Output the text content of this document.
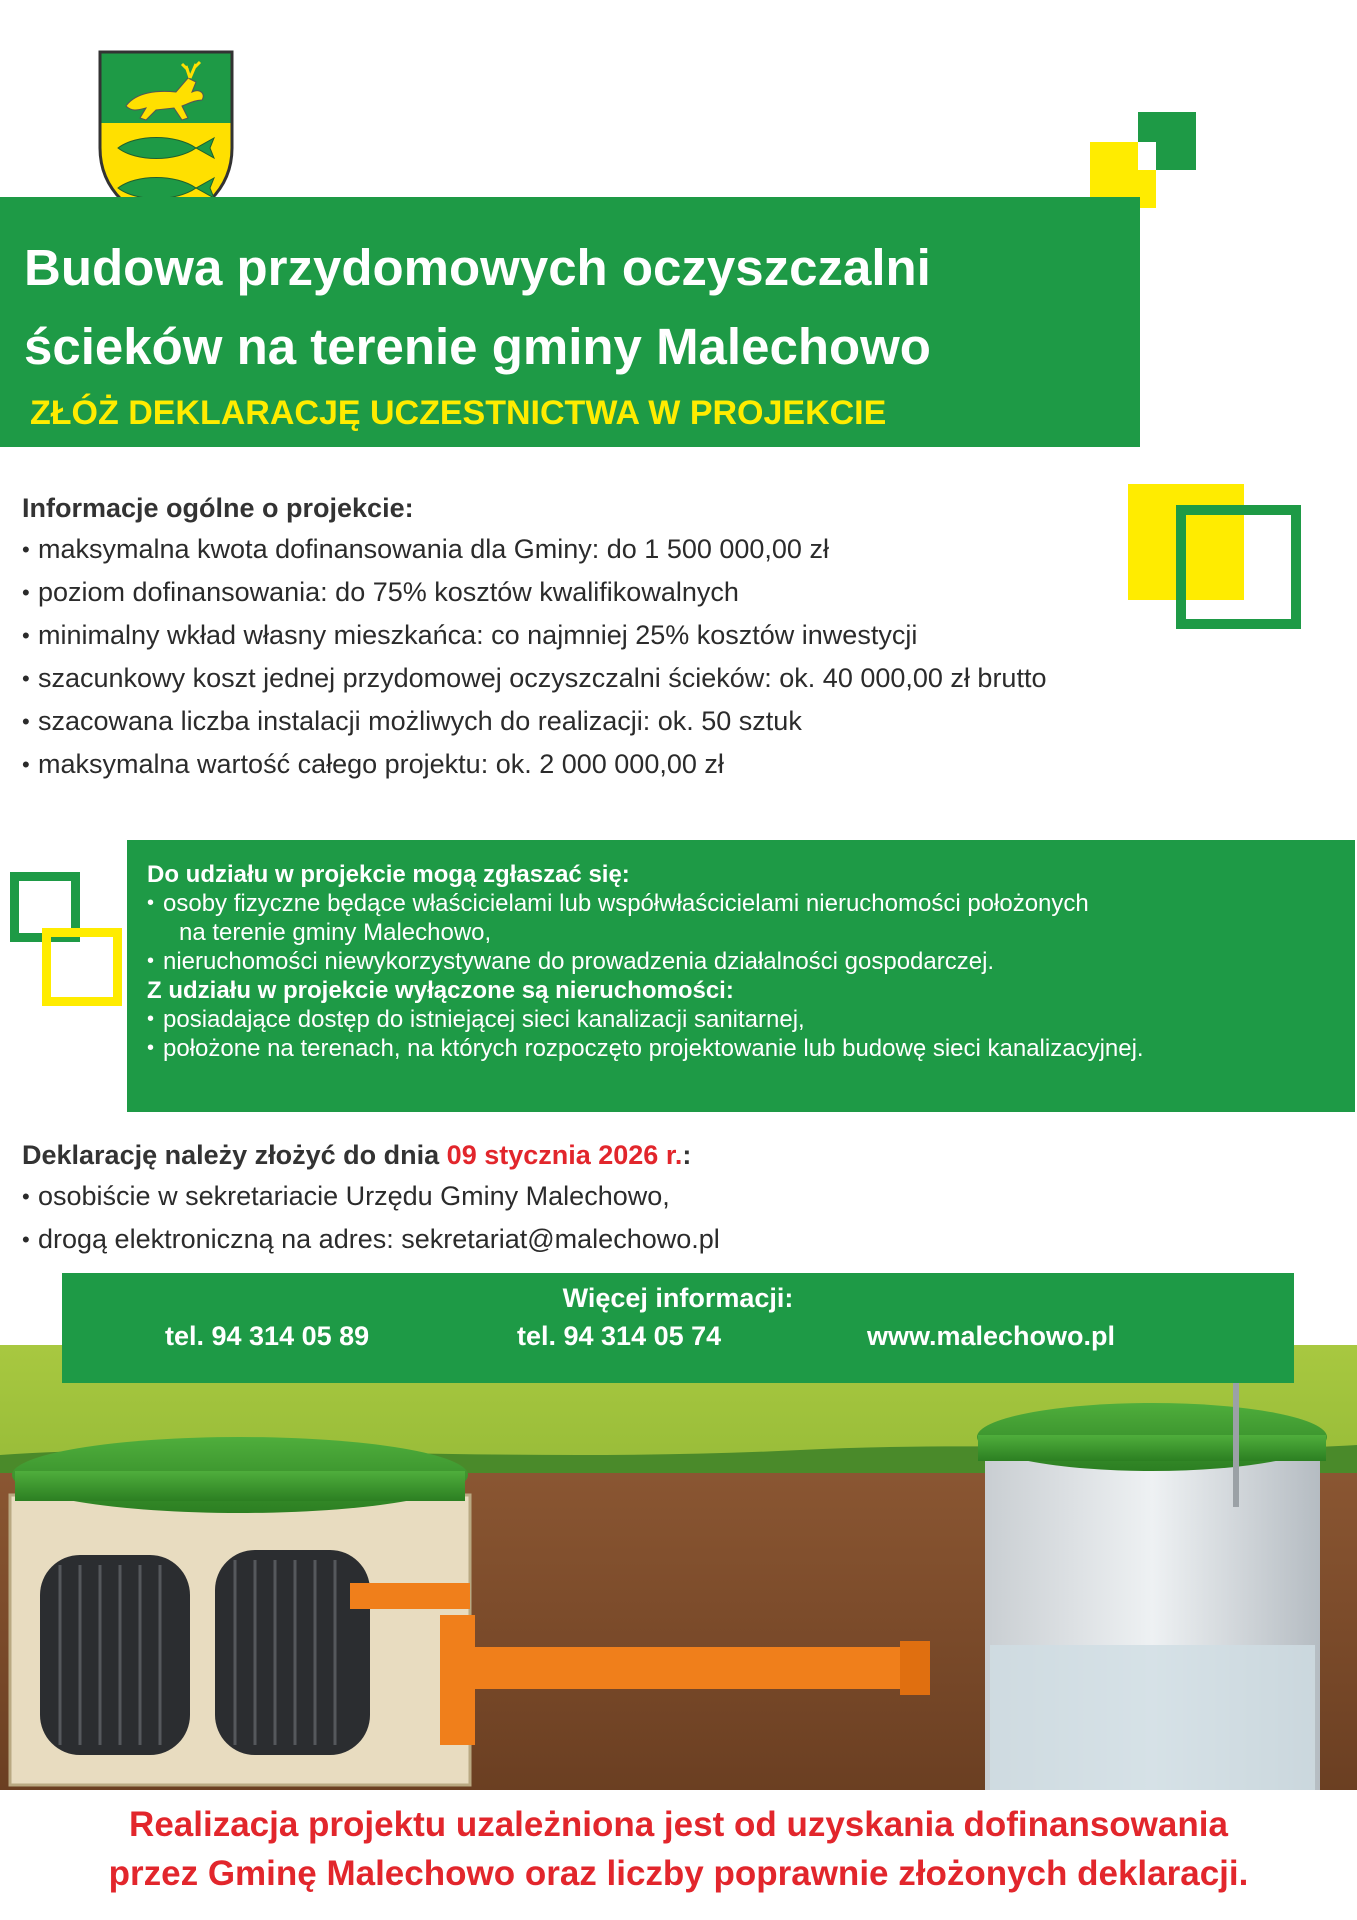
Budowa przydomowych oczyszczalni
ścieków na terenie gminy Malechowo
ZŁÓŻ DEKLARACJĘ UCZESTNICTWA W PROJEKCIE
Informacje ogólne o projekcie:
• maksymalna kwota dofinansowania dla Gminy: do 1 500 000,00 zł
• poziom dofinansowania: do 75% kosztów kwalifikowalnych
• minimalny wkład własny mieszkańca: co najmniej 25% kosztów inwestycji
• szacunkowy koszt jednej przydomowej oczyszczalni ścieków: ok. 40 000,00 zł brutto
• szacowana liczba instalacji możliwych do realizacji: ok. 50 sztuk
• maksymalna wartość całego projektu: ok. 2 000 000,00 zł
Do udziału w projekcie mogą zgłaszać się:
• osoby fizyczne będące właścicielami lub współwłaścicielami nieruchomości położonych
na terenie gminy Malechowo,
• nieruchomości niewykorzystywane do prowadzenia działalności gospodarczej.
Z udziału w projekcie wyłączone są nieruchomości:
• posiadające dostęp do istniejącej sieci kanalizacji sanitarnej,
• położone na terenach, na których rozpoczęto projektowanie lub budowę sieci kanalizacyjnej.
Deklarację należy złożyć do dnia 09 stycznia 2026 r.:
• osobiście w sekretariacie Urzędu Gminy Malechowo,
• drogą elektroniczną na adres: sekretariat@malechowo.pl
Więcej informacji:
tel. 94 314 05 89	tel. 94 314 05 74	www.malechowo.pl
Realizacja projektu uzależniona jest od uzyskania dofinansowania
przez Gminę Malechowo oraz liczby poprawnie złożonych deklaracji.
